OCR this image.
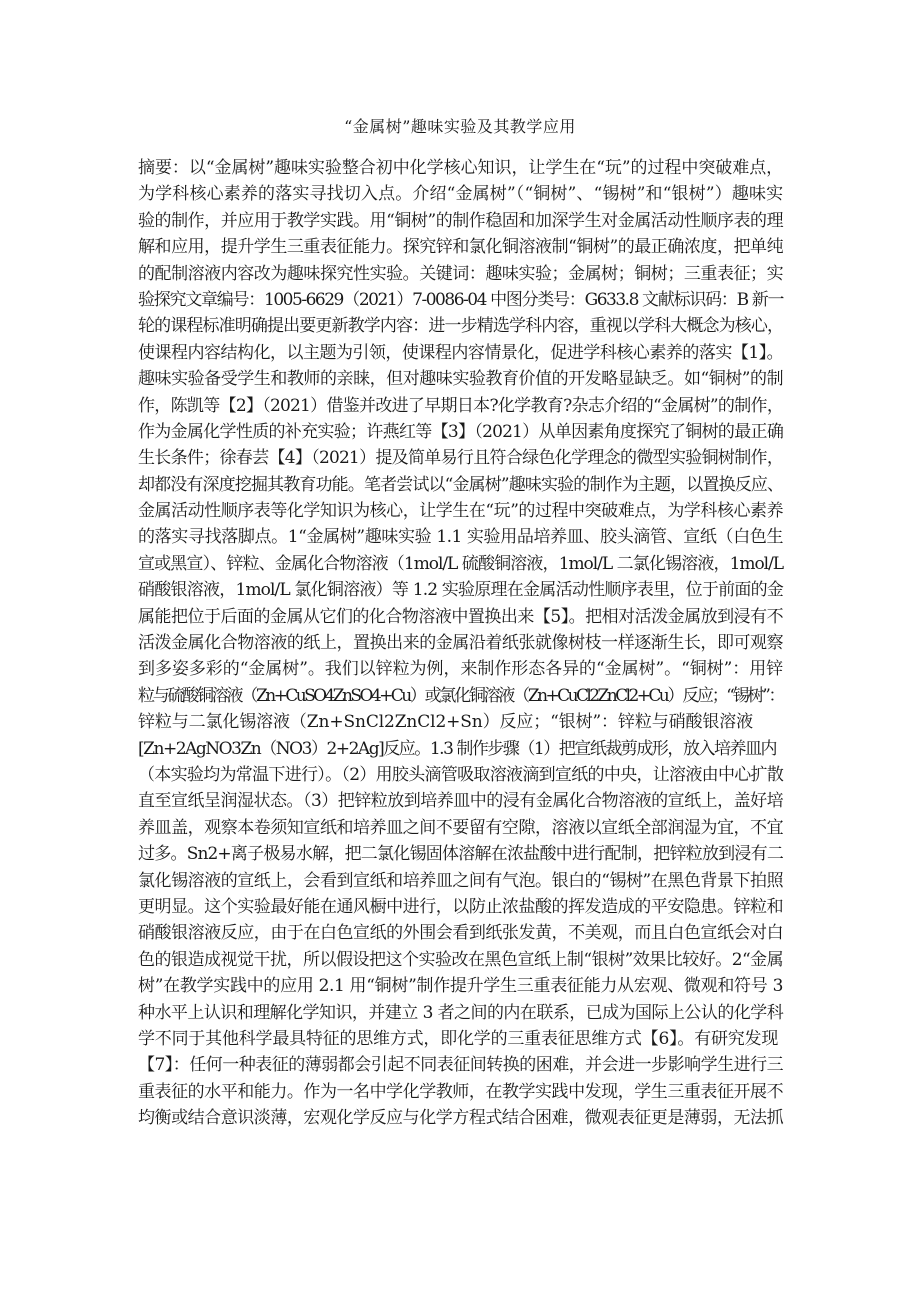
“金属树”趣味实验及其教学应用
摘要：以“金属树”趣味实验整合初中化学核心知识，让学生在“玩”的过程中突破难点，
为学科核心素养的落实寻找切入点。介绍“金属树”（“铜树”、“锡树”和“银树”）趣味实
验的制作，并应用于教学实践。用“铜树”的制作稳固和加深学生对金属活动性顺序表的理
解和应用，提升学生三重表征能力。探究锌和氯化铜溶液制“铜树”的最正确浓度，把单纯
的配制溶液内容改为趣味探究性实验。关键词：趣味实验；金属树；铜树；三重表征；实
验探究文章编号：1005-6629（2021）7-0086-04 中图分类号：G633.8 文献标识码：B 新一
轮的课程标准明确提出要更新教学内容：进一步精选学科内容，重视以学科大概念为核心，
使课程内容结构化，以主题为引领，使课程内容情景化，促进学科核心素养的落实【1】。
趣味实验备受学生和教师的亲睐，但对趣味实验教育价值的开发略显缺乏。如“铜树”的制
作，陈凯等【2】（2021）借鉴并改进了早期日本?化学教育?杂志介绍的“金属树”的制作，
作为金属化学性质的补充实验；许燕红等【3】（2021）从单因素角度探究了铜树的最正确
生长条件；徐春芸【4】（2021）提及简单易行且符合绿色化学理念的微型实验铜树制作，
却都没有深度挖掘其教育功能。笔者尝试以“金属树”趣味实验的制作为主题，以置换反应、
金属活动性顺序表等化学知识为核心，让学生在“玩”的过程中突破难点，为学科核心素养
的落实寻找落脚点。1“金属树”趣味实验 1.1 实验用品培养皿、胶头滴管、宣纸（白色生
宣或黑宣）、锌粒、金属化合物溶液（1mol/L 硫酸铜溶液，1mol/L 二氯化锡溶液，1mol/L
硝酸银溶液，1mol/L 氯化铜溶液）等 1.2 实验原理在金属活动性顺序表里，位于前面的金
属能把位于后面的金属从它们的化合物溶液中置换出来【5】。把相对活泼金属放到浸有不
活泼金属化合物溶液的纸上，置换出来的金属沿着纸张就像树枝一样逐渐生长，即可观察
到多姿多彩的“金属树”。我们以锌粒为例，来制作形态各异的“金属树”。“铜树”：用锌
粒与硫酸铜溶液（Zn+CuSO4ZnSO4+Cu）或氯化铜溶液（Zn+CuCl2ZnCl2+Cu）反应；“锡树”：
锌粒与二氯化锡溶液（Zn+SnCl2ZnCl2+Sn）反应；“银树”：锌粒与硝酸银溶液
[Zn+2AgNO3Zn（NO3）2+2Ag]反应。1.3 制作步骤（1）把宣纸裁剪成形，放入培养皿内
（本实验均为常温下进行）。（2）用胶头滴管吸取溶液滴到宣纸的中央，让溶液由中心扩散
直至宣纸呈润湿状态。（3）把锌粒放到培养皿中的浸有金属化合物溶液的宣纸上，盖好培
养皿盖，观察本卷须知宣纸和培养皿之间不要留有空隙，溶液以宣纸全部润湿为宜，不宜
过多。Sn2+离子极易水解，把二氯化锡固体溶解在浓盐酸中进行配制，把锌粒放到浸有二
氯化锡溶液的宣纸上，会看到宣纸和培养皿之间有气泡。银白的“锡树”在黑色背景下拍照
更明显。这个实验最好能在通风橱中进行，以防止浓盐酸的挥发造成的平安隐患。锌粒和
硝酸银溶液反应，由于在白色宣纸的外围会看到纸张发黄，不美观，而且白色宣纸会对白
色的银造成视觉干扰，所以假设把这个实验改在黑色宣纸上制“银树”效果比较好。2“金属
树”在教学实践中的应用 2.1 用“铜树”制作提升学生三重表征能力从宏观、微观和符号 3
种水平上认识和理解化学知识，并建立 3 者之间的内在联系，已成为国际上公认的化学科
学不同于其他科学最具特征的思维方式，即化学的三重表征思维方式【6】。有研究发现
【7】：任何一种表征的薄弱都会引起不同表征间转换的困难，并会进一步影响学生进行三
重表征的水平和能力。作为一名中学化学教师，在教学实践中发现，学生三重表征开展不
均衡或结合意识淡薄，宏观化学反应与化学方程式结合困难，微观表征更是薄弱，无法抓
